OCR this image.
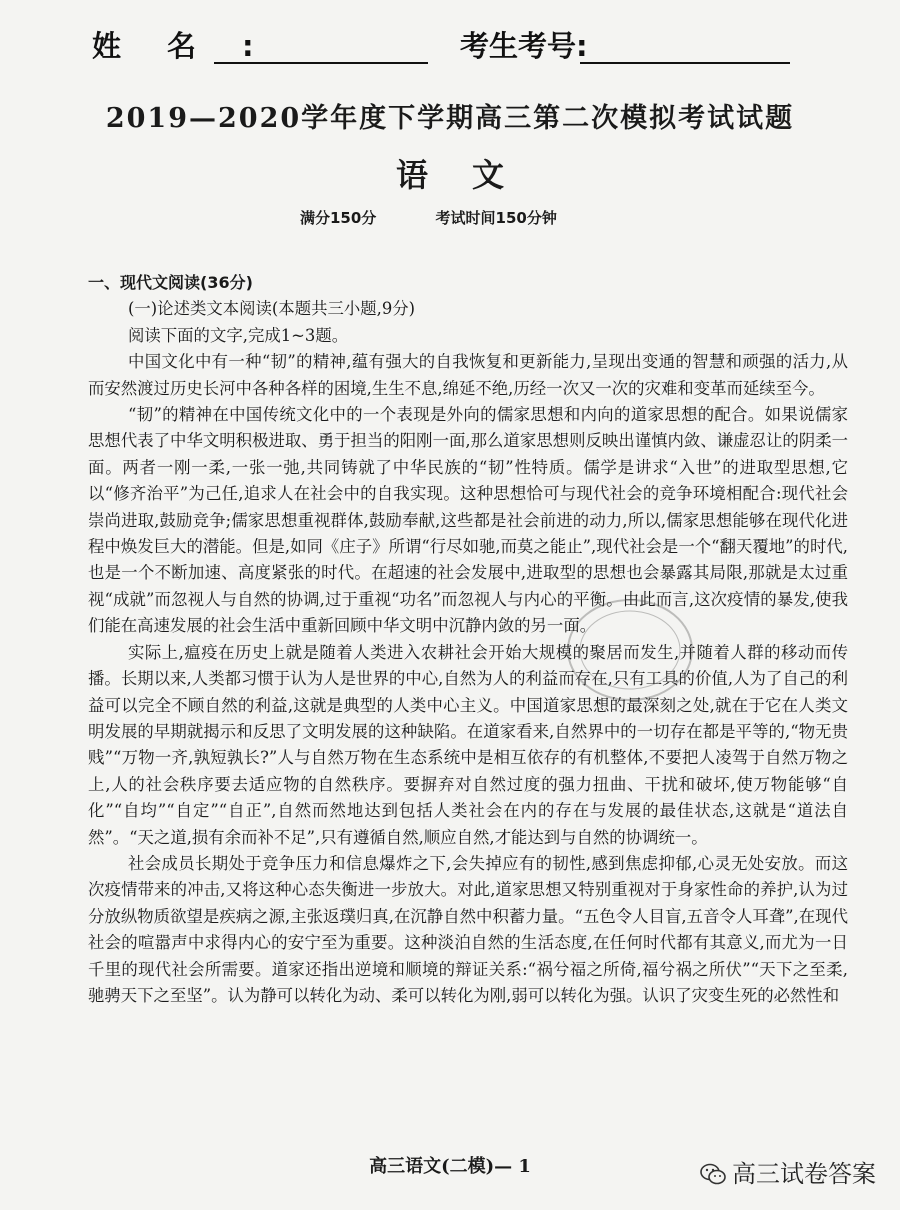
姓名:	考生考号:
2019—2020学年度下学期高三第二次模拟考试试题
语文
满分150分	考试时间150分钟

一、现代文阅读(36分)

(一)论述类文本阅读(本题共三小题,9分)

阅读下面的文字,完成1~3题。

中国文化中有一种“韧”的精神,蕴有强大的自我恢复和更新能力,呈现出变通的智慧和顽强的活力,从而安然渡过历史长河中各种各样的困境,生生不息,绵延不绝,历经一次又一次的灾难和变革而延续至今。

“韧”的精神在中国传统文化中的一个表现是外向的儒家思想和内向的道家思想的配合。如果说儒家思想代表了中华文明积极进取、勇于担当的阳刚一面,那么道家思想则反映出谨慎内敛、谦虚忍让的阴柔一面。两者一刚一柔,一张一弛,共同铸就了中华民族的“韧”性特质。儒学是讲求“入世”的进取型思想,它以“修齐治平”为己任,追求人在社会中的自我实现。这种思想恰可与现代社会的竞争环境相配合:现代社会崇尚进取,鼓励竞争;儒家思想重视群体,鼓励奉献,这些都是社会前进的动力,所以,儒家思想能够在现代化进程中焕发巨大的潜能。但是,如同《庄子》所谓“行尽如驰,而莫之能止”,现代社会是一个“翻天覆地”的时代,也是一个不断加速、高度紧张的时代。在超速的社会发展中,进取型的思想也会暴露其局限,那就是太过重视“成就”而忽视人与自然的协调,过于重视“功名”而忽视人与内心的平衡。由此而言,这次疫情的暴发,使我们能在高速发展的社会生活中重新回顾中华文明中沉静内敛的另一面。

实际上,瘟疫在历史上就是随着人类进入农耕社会开始大规模的聚居而发生,并随着人群的移动而传播。长期以来,人类都习惯于认为人是世界的中心,自然为人的利益而存在,只有工具的价值,人为了自己的利益可以完全不顾自然的利益,这就是典型的人类中心主义。中国道家思想的最深刻之处,就在于它在人类文明发展的早期就揭示和反思了文明发展的这种缺陷。在道家看来,自然界中的一切存在都是平等的,“物无贵贱”“万物一齐,孰短孰长?”人与自然万物在生态系统中是相互依存的有机整体,不要把人凌驾于自然万物之上,人的社会秩序要去适应物的自然秩序。要摒弃对自然过度的强力扭曲、干扰和破坏,使万物能够“自化”“自均”“自定”“自正”,自然而然地达到包括人类社会在内的存在与发展的最佳状态,这就是“道法自然”。“天之道,损有余而补不足”,只有遵循自然,顺应自然,才能达到与自然的协调统一。

社会成员长期处于竞争压力和信息爆炸之下,会失掉应有的韧性,感到焦虑抑郁,心灵无处安放。而这次疫情带来的冲击,又将这种心态失衡进一步放大。对此,道家思想又特别重视对于身家性命的养护,认为过分放纵物质欲望是疾病之源,主张返璞归真,在沉静自然中积蓄力量。“五色令人目盲,五音令人耳聋”,在现代社会的喧嚣声中求得内心的安宁至为重要。这种淡泊自然的生活态度,在任何时代都有其意义,而尤为一日千里的现代社会所需要。道家还指出逆境和顺境的辩证关系:“祸兮福之所倚,福兮祸之所伏”“天下之至柔,驰骋天下之至坚”。认为静可以转化为动、柔可以转化为刚,弱可以转化为强。认识了灾变生死的必然性和

高三语文(二模)— 1	高三试卷答案
